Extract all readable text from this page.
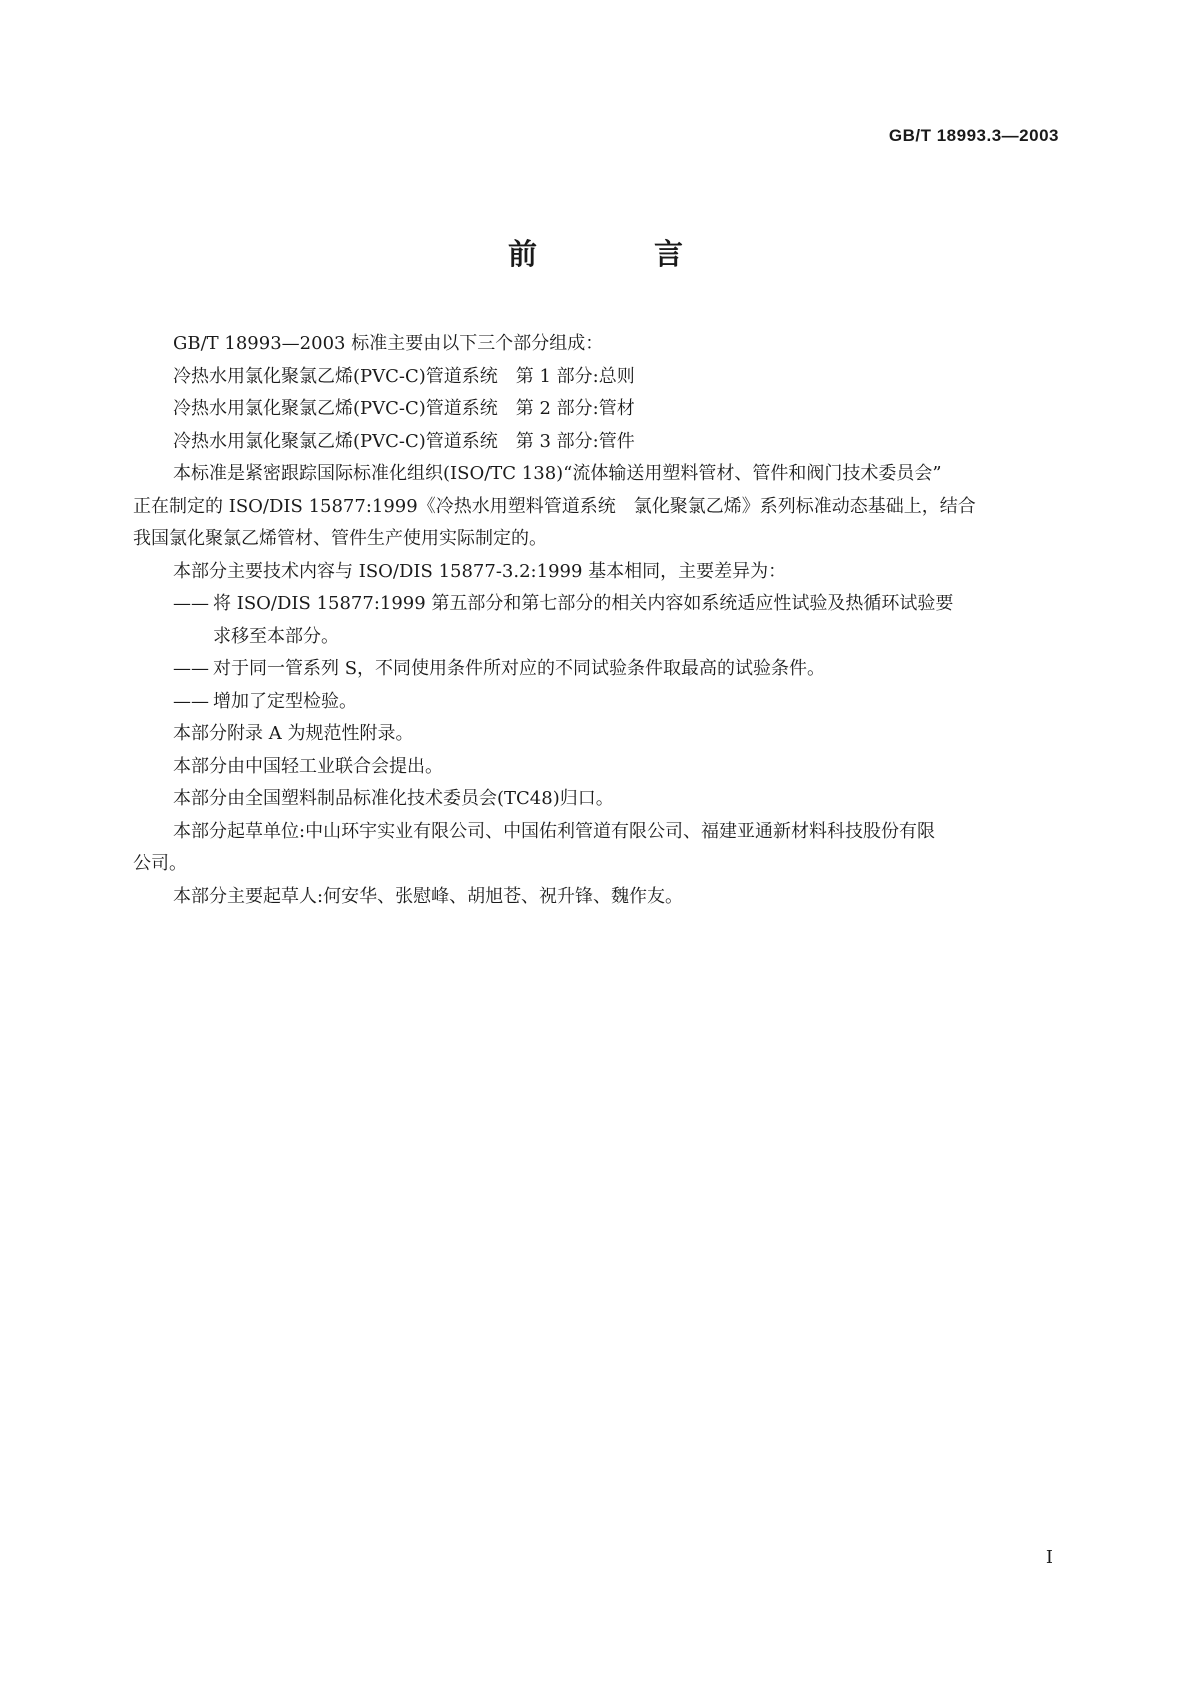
GB/T 18993.3—2003
前　言

GB/T 18993—2003 标准主要由以下三个部分组成：

冷热水用氯化聚氯乙烯(PVC-C)管道系统　第 1 部分:总则

冷热水用氯化聚氯乙烯(PVC-C)管道系统　第 2 部分:管材

冷热水用氯化聚氯乙烯(PVC-C)管道系统　第 3 部分:管件

本标准是紧密跟踪国际标准化组织(ISO/TC 138)“流体输送用塑料管材、管件和阀门技术委员会”

正在制定的 ISO/DIS 15877:1999《冷热水用塑料管道系统　氯化聚氯乙烯》系列标准动态基础上，结合

我国氯化聚氯乙烯管材、管件生产使用实际制定的。

本部分主要技术内容与 ISO/DIS 15877-3.2:1999 基本相同，主要差异为：

—— 将 ISO/DIS 15877:1999 第五部分和第七部分的相关内容如系统适应性试验及热循环试验要

求移至本部分。

—— 对于同一管系列 S，不同使用条件所对应的不同试验条件取最高的试验条件。

—— 增加了定型检验。

本部分附录 A 为规范性附录。

本部分由中国轻工业联合会提出。

本部分由全国塑料制品标准化技术委员会(TC48)归口。

本部分起草单位:中山环宇实业有限公司、中国佑利管道有限公司、福建亚通新材料科技股份有限

公司。

本部分主要起草人:何安华、张慰峰、胡旭苍、祝升锋、魏作友。

I
